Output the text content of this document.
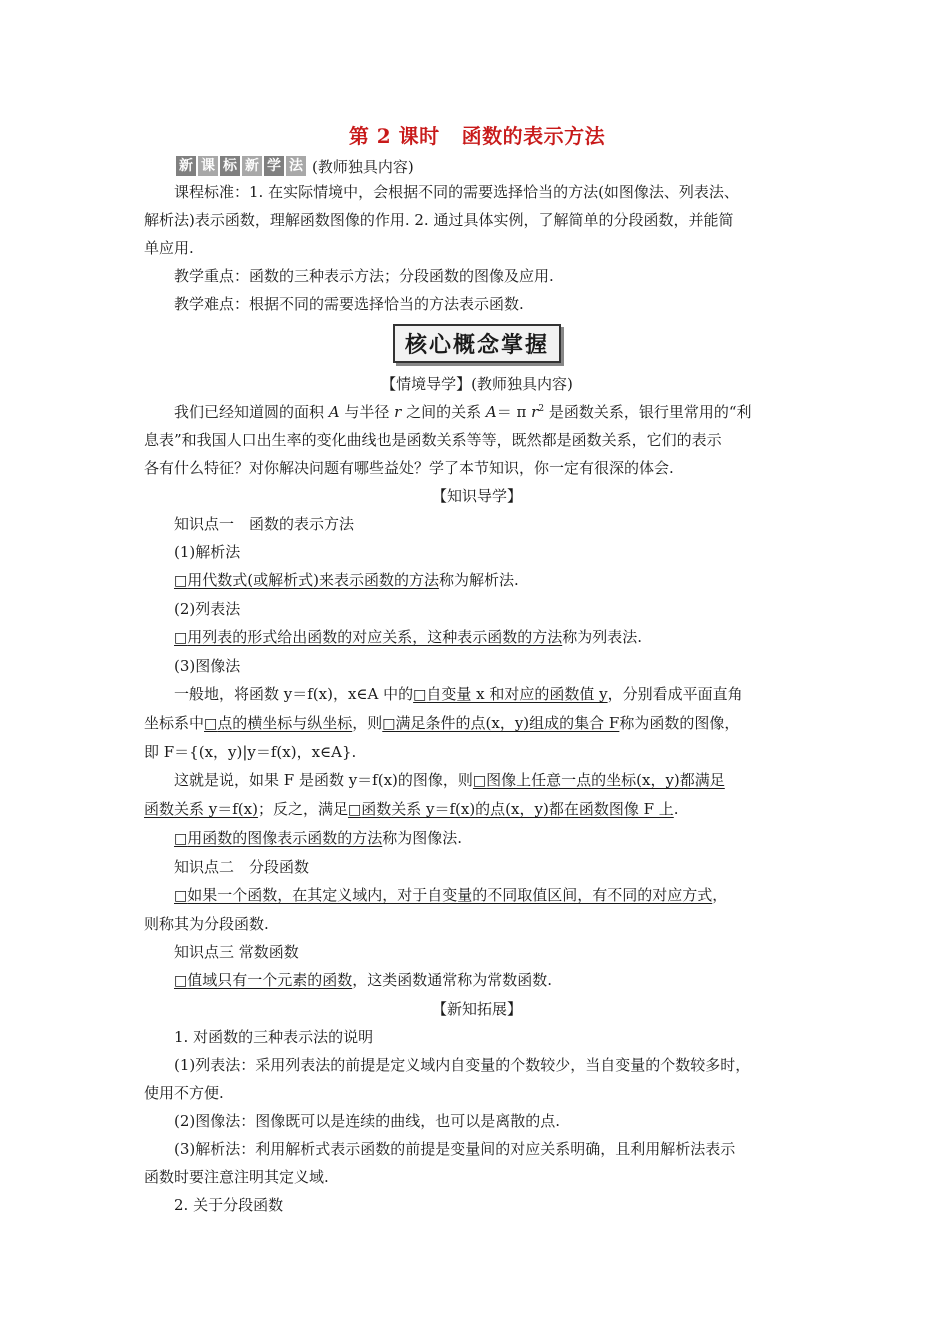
第 2 课时 函数的表示方法
新 课 标 新 学 法 (教师独具内容)

课程标准：1. 在实际情境中，会根据不同的需要选择恰当的方法(如图像法、列表法、

解析法)表示函数，理解函数图像的作用. 2. 通过具体实例，了解简单的分段函数，并能简

单应用.

教学重点：函数的三种表示方法；分段函数的图像及应用.

教学难点：根据不同的需要选择恰当的方法表示函数.

核心概念掌握

【情境导学】(教师独具内容)

我们已经知道圆的面积 A 与半径 r 之间的关系 A＝ π $r^2$ 是函数关系，银行里常用的“利

息表”和我国人口出生率的变化曲线也是函数关系等等，既然都是函数关系，它们的表示

各有什么特征？对你解决问题有哪些益处？学了本节知识，你一定有很深的体会.

【知识导学】

知识点一　函数的表示方法

(1)解析法

□用代数式(或解析式)来表示函数的方法称为解析法.

(2)列表法

□用列表的形式给出函数的对应关系，这种表示函数的方法称为列表法.

(3)图像法

一般地，将函数 y＝f(x)，x∈A 中的□自变量 x 和对应的函数值 y，分别看成平面直角

坐标系中□点的横坐标与纵坐标，则□满足条件的点(x，y)组成的集合 F称为函数的图像，

即 F＝{(x，y)|y＝f(x)，x∈A}.

这就是说，如果 F 是函数 y＝f(x)的图像，则□图像上任意一点的坐标(x，y)都满足

函数关系 y＝f(x)；反之，满足□函数关系 y＝f(x)的点(x，y)都在函数图像 F 上.

□用函数的图像表示函数的方法称为图像法.

知识点二　分段函数

□如果一个函数，在其定义域内，对于自变量的不同取值区间，有不同的对应方式，

则称其为分段函数.

知识点三 常数函数

□值域只有一个元素的函数，这类函数通常称为常数函数.

【新知拓展】

1. 对函数的三种表示法的说明

(1)列表法：采用列表法的前提是定义域内自变量的个数较少，当自变量的个数较多时，

使用不方便.

(2)图像法：图像既可以是连续的曲线，也可以是离散的点.

(3)解析法：利用解析式表示函数的前提是变量间的对应关系明确，且利用解析法表示

函数时要注意注明其定义域.

2. 关于分段函数
